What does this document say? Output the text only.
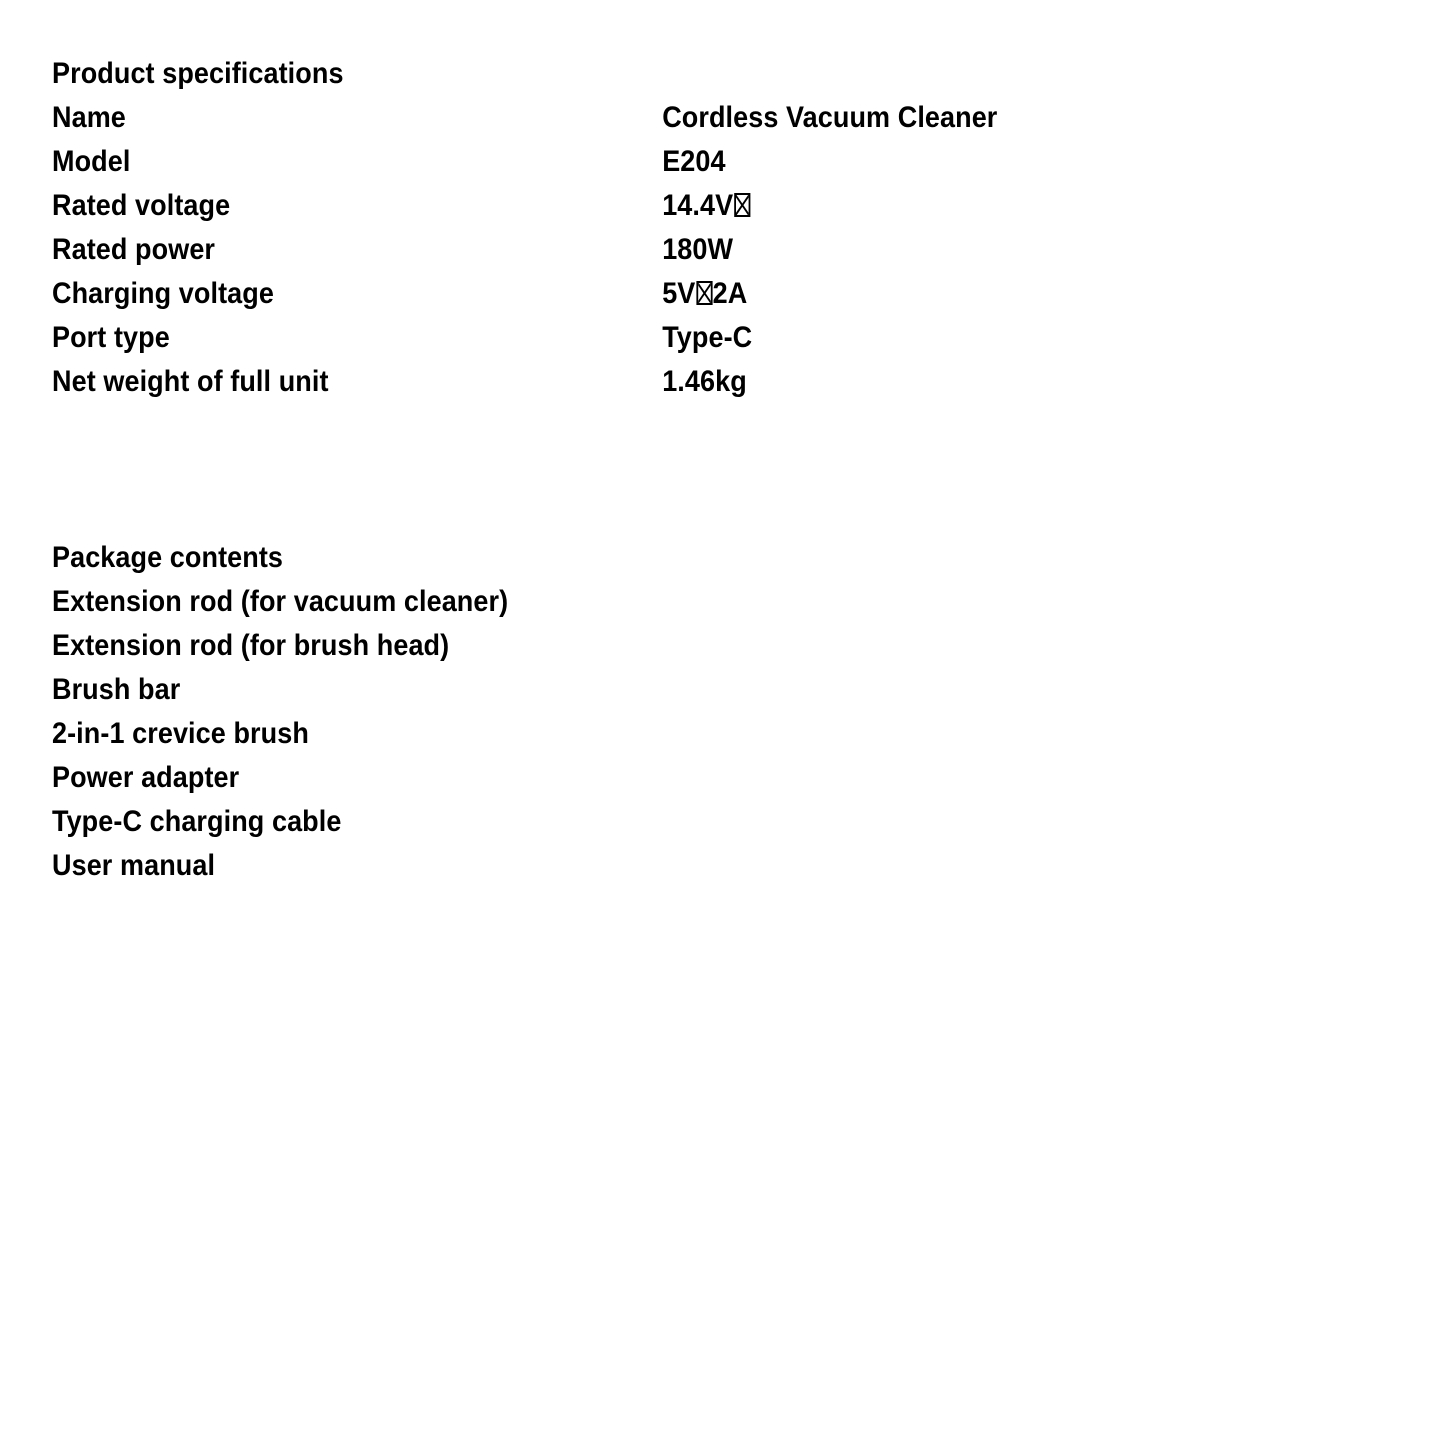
Product specifications
Name	Cordless Vacuum Cleaner
Model	E204
Rated voltage	14.4V
Rated power	180W
Charging voltage	5V 2A
Port type	Type-C
Net weight of full unit	1.46kg
Package contents
Extension rod (for vacuum cleaner)
Extension rod (for brush head)
Brush bar
2-in-1 crevice brush
Power adapter
Type-C charging cable
User manual
